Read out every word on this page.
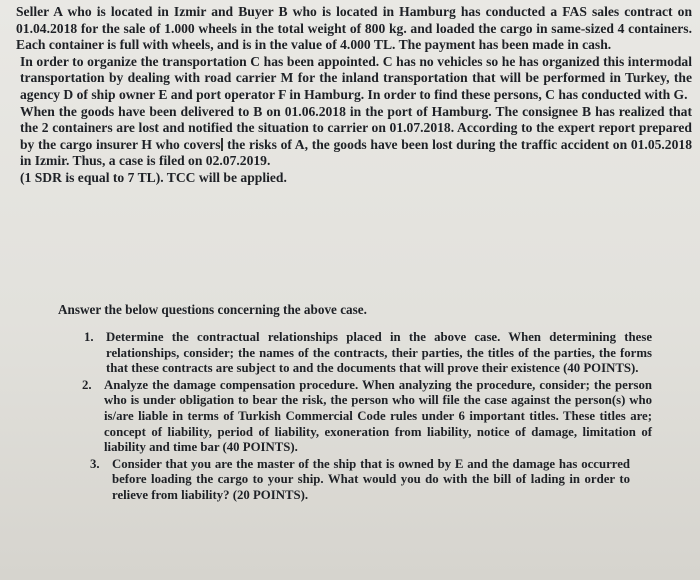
Seller A who is located in Izmir and Buyer B who is located in Hamburg has conducted a FAS sales contract on 01.04.2018 for the sale of 1.000 wheels in the total weight of 800 kg. and loaded the cargo in same-sized 4 containers. Each container is full with wheels, and is in the value of 4.000 TL. The payment has been made in cash.

In order to organize the transportation C has been appointed. C has no vehicles so he has organized this intermodal transportation by dealing with road carrier M for the inland transportation that will be performed in Turkey, the agency D of ship owner E and port operator F in Hamburg. In order to find these persons, C has conducted with G.

When the goods have been delivered to B on 01.06.2018 in the port of Hamburg. The consignee B has realized that the 2 containers are lost and notified the situation to carrier on 01.07.2018. According to the expert report prepared by the cargo insurer H who covers the risks of A, the goods have been lost during the traffic accident on 01.05.2018 in Izmir. Thus, a case is filed on 02.07.2019.

(1 SDR is equal to 7 TL). TCC will be applied.

Answer the below questions concerning the above case.
1. Determine the contractual relationships placed in the above case. When determining these relationships, consider; the names of the contracts, their parties, the titles of the parties, the forms that these contracts are subject to and the documents that will prove their existence (40 POINTS).
2. Analyze the damage compensation procedure. When analyzing the procedure, consider; the person who is under obligation to bear the risk, the person who will file the case against the person(s) who is/are liable in terms of Turkish Commercial Code rules under 6 important titles. These titles are; concept of liability, period of liability, exoneration from liability, notice of damage, limitation of liability and time bar (40 POINTS).
3. Consider that you are the master of the ship that is owned by E and the damage has occurred before loading the cargo to your ship. What would you do with the bill of lading in order to relieve from liability? (20 POINTS).
